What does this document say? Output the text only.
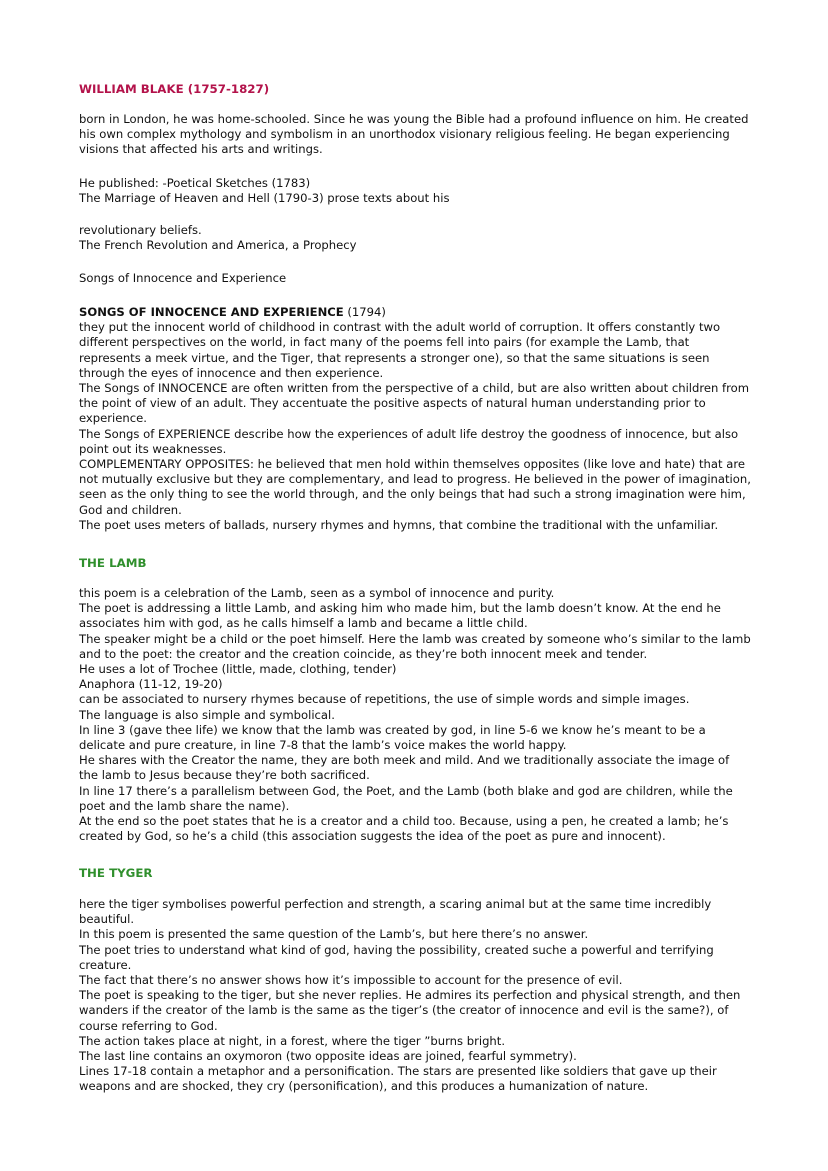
WILLIAM BLAKE (1757-1827)

born in London, he was home-schooled. Since he was young the Bible had a profound influence on him. He created his own complex mythology and symbolism in an unorthodox visionary religious feeling. He began experiencing visions that affected his arts and writings.

He published: -Poetical Sketches (1783)

The Marriage of Heaven and Hell (1790-3) prose texts about his

revolutionary beliefs.

The French Revolution and America, a Prophecy

Songs of Innocence and Experience

SONGS OF INNOCENCE AND EXPERIENCE (1794)

they put the innocent world of childhood in contrast with the adult world of corruption. It offers constantly two different perspectives on the world, in fact many of the poems fell into pairs (for example the Lamb, that represents a meek virtue, and the Tiger, that represents a stronger one), so that the same situations is seen through the eyes of innocence and then experience.

The Songs of INNOCENCE are often written from the perspective of a child, but are also written about children from the point of view of an adult. They accentuate the positive aspects of natural human understanding prior to experience.

The Songs of EXPERIENCE describe how the experiences of adult life destroy the goodness of innocence, but also point out its weaknesses.

COMPLEMENTARY OPPOSITES: he believed that men hold within themselves opposites (like love and hate) that are not mutually exclusive but they are complementary, and lead to progress. He believed in the power of imagination, seen as the only thing to see the world through, and the only beings that had such a strong imagination were him, God and children.

The poet uses meters of ballads, nursery rhymes and hymns, that combine the traditional with the unfamiliar.

THE LAMB

this poem is a celebration of the Lamb, seen as a symbol of innocence and purity.

The poet is addressing a little Lamb, and asking him who made him, but the lamb doesn’t know. At the end he associates him with god, as he calls himself a lamb and became a little child.

The speaker might be a child or the poet himself. Here the lamb was created by someone who’s similar to the lamb and to the poet: the creator and the creation coincide, as they’re both innocent meek and tender.

He uses a lot of Trochee (little, made, clothing, tender)

Anaphora (11-12, 19-20)

can be associated to nursery rhymes because of repetitions, the use of simple words and simple images.

The language is also simple and symbolical.

In line 3 (gave thee life) we know that the lamb was created by god, in line 5-6 we know he’s meant to be a delicate and pure creature, in line 7-8 that the lamb’s voice makes the world happy.

He shares with the Creator the name, they are both meek and mild. And we traditionally associate the image of the lamb to Jesus because they’re both sacrificed.

In line 17 there’s a parallelism between God, the Poet, and the Lamb (both blake and god are children, while the poet and the lamb share the name).

At the end so the poet states that he is a creator and a child too. Because, using a pen, he created a lamb; he’s created by God, so he’s a child (this association suggests the idea of the poet as pure and innocent).

THE TYGER

here the tiger symbolises powerful perfection and strength, a scaring animal but at the same time incredibly beautiful.

In this poem is presented the same question of the Lamb’s, but here there’s no answer.

The poet tries to understand what kind of god, having the possibility, created suche a powerful and terrifying creature.

The fact that there’s no answer shows how it’s impossible to account for the presence of evil.

The poet is speaking to the tiger, but she never replies. He admires its perfection and physical strength, and then wanders if the creator of the lamb is the same as the tiger’s (the creator of innocence and evil is the same?), of course referring to God.

The action takes place at night, in a forest, where the tiger ”burns bright.

The last line contains an oxymoron (two opposite ideas are joined, fearful symmetry).

Lines 17-18 contain a metaphor and a personification. The stars are presented like soldiers that gave up their weapons and are shocked, they cry (personification), and this produces a humanization of nature.
